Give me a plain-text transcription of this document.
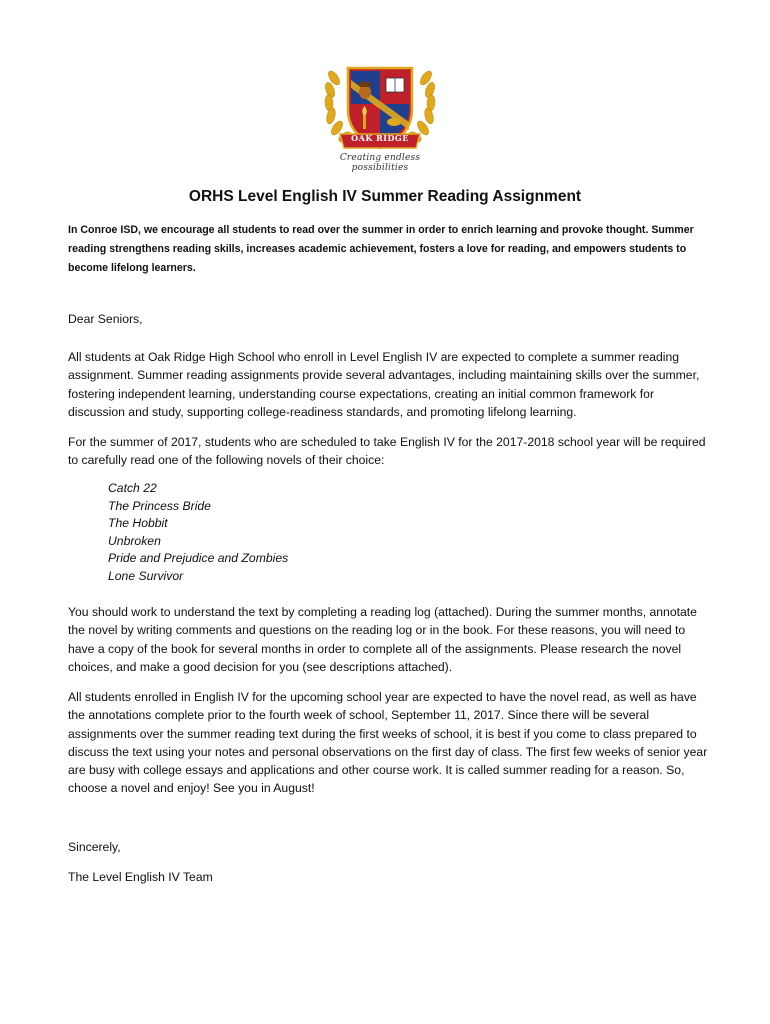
OAK RIDGE
Creating endless possibilities
ORHS Level English IV Summer Reading Assignment
In Conroe ISD, we encourage all students to read over the summer in order to enrich learning and provoke thought. Summer reading strengthens reading skills, increases academic achievement, fosters a love for reading, and empowers students to become lifelong learners.

Dear Seniors,

All students at Oak Ridge High School who enroll in Level English IV are expected to complete a summer reading assignment. Summer reading assignments provide several advantages, including maintaining skills over the summer, fostering independent learning, understanding course expectations, creating an initial common framework for discussion and study, supporting college-readiness standards, and promoting lifelong learning.

For the summer of 2017, students who are scheduled to take English IV for the 2017-2018 school year will be required to carefully read one of the following novels of their choice:

Catch 22
The Princess Bride
The Hobbit
Unbroken
Pride and Prejudice and Zombies
Lone Survivor

You should work to understand the text by completing a reading log (attached). During the summer months, annotate the novel by writing comments and questions on the reading log or in the book. For these reasons, you will need to have a copy of the book for several months in order to complete all of the assignments. Please research the novel choices, and make a good decision for you (see descriptions attached).

All students enrolled in English IV for the upcoming school year are expected to have the novel read, as well as have the annotations complete prior to the fourth week of school, September 11, 2017. Since there will be several assignments over the summer reading text during the first weeks of school, it is best if you come to class prepared to discuss the text using your notes and personal observations on the first day of class. The first few weeks of senior year are busy with college essays and applications and other course work. It is called summer reading for a reason. So, choose a novel and enjoy! See you in August!

Sincerely,

The Level English IV Team
